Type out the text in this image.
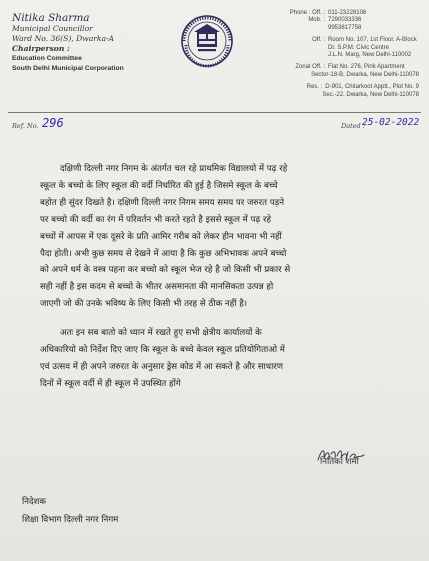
Nitika Sharma
Municipal Councillor
Ward No. 36(S), Dwarka-A
Chairperson :
Education Committee
South Delhi Municipal Corporation
Phone : Off. : 011-23228106
Mob. : 7290033336
9953817758
Off. : Room No. 107, 1st Floor, A-Block
Dr. S.P.M. Civic Centre
J.L.N. Marg, New Delhi-110002
Zonal Off. : Flat No. 276, Pink Apartment
Sector-18-B, Dwarka, New Delhi-110078
Res. : D-901, Chitarkoot Apptt., Plot No. 9
Sec.-22, Dwarka, New Delhi-110078
Ref. No. 296	Dated :
25-02-2022
दक्षिणी दिल्ली नगर निगम के अंतर्गत चल रहे प्राथमिक विद्यालयो में पढ़ रहे
स्कूल के बच्चो के लिए स्कूल की वर्दी निर्धारित की हुई है जिसमे स्कूल के बच्चे
बहोत ही सुंदर दिखते है। दक्षिणी दिल्ली नगर निगम समय समय पर जरुरत पड़ने
पर बच्चो की वर्दी का रंग में परिवर्तन भी करते रहते है इससे स्कूल में पढ़ रहे
बच्चों में आपस में एक दूसरे के प्रति आमिर गरीब को लेकर हीन भावना भी नहीं
पैदा होती। अभी कुछ समय से देखने में आया है कि कुछ अभिभावक अपने बच्चो
को अपने धर्म के वस्त्र पहना कर बच्चो को स्कूल भेज रहे है जो किसी भी प्रकार से
सही नहीं है इस कदम से बच्चो के भीतर असमानता की मानसिकता उत्पन्न हो
जाएगी जो की उनके भविष्य के लिए किसी भी तरह से ठीक नहीं है।
अतः इन सब बातो को ध्यान में रखते हुए सभी क्षेत्रीय कार्यालयों के
अधिकारियो को निर्देश दिए जाए कि स्कूल के बच्चे केवल स्कूल प्रतियोगिताओ में
एवं उत्सव में ही अपने जरुरत के अनुसार ड्रेस कोड में आ सकते है और साधारण
दिनों में स्कूल वर्दी में ही स्कूल में उपस्थित होंगे
नितिका शर्मा
निदेशक
शिक्षा विभाग दिल्ली नगर निगम
